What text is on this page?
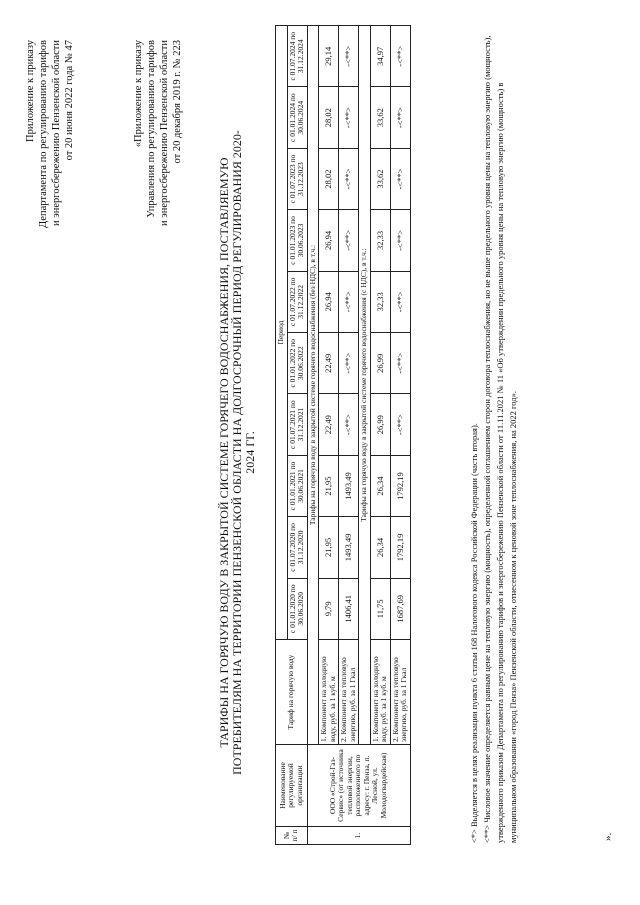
Приложение к приказу Департамента по регулированию тарифов и энергосбережению Пензенской области от 20 июня 2022 года № 47	«Приложение к приказу Управления по регулированию тарифов и энергосбережению Пензенской области от 20 декабря 2019 г. № 223
ТАРИФЫ НА ГОРЯЧУЮ ВОДУ В ЗАКРЫТОЙ СИСТЕМЕ ГОРЯЧЕГО ВОДОСНАБЖЕНИЯ, ПОСТАВЛЯЕМУЮ ПОТРЕБИТЕЛЯМ НА ТЕРРИТОРИИ ПЕНЗЕНСКОЙ ОБЛАСТИ НА ДОЛГОСРОЧНЫЙ ПЕРИОД РЕГУЛИРОВАНИЯ 2020- 2024 ГГ.
№ п/ п	Наименование регулируемой организации	Тариф на горячую воду	Период									
			с 01.01.2020 по 30.06.2020	с 01.07.2020 по 31.12.2020	с 01.01.2021 по 30.06.2021	с 01.07.2021 по 31.12.2021	с 01.01.2022 по 30.06.2022	с 01.07.2022 по 31.12.2022	с 01.01.2023 по 30.06.2023	с 01.07.2023 по 31.12.2023	с 01.01.2024 по 30.06.2024	с 01.07.2024 по 31.12.2024
1.	ООО «Строй-Газ-Сервис» (от источника тепловой энергии, расположенного по адресу: г. Пенза, п. Лесной, ул. Молодогвардейская)	Тарифы на горячую воду в закрытой системе горячего водоснабжения (без НДС), в т.ч.:										
		1. Компонент на холодную воду, руб. за 1 куб. м	9,79	21,95	21,95	22,49	22,49	26,94	26,94	28,02	28,02	29,14
		2. Компонент на тепловую энергию, руб. за 1 Гкал	1406,41	1493,49	1493,49	-<**>	-<**>	-<**>	-<**>	-<**>	-<**>	-<**>
		Тарифы на горячую воду в закрытой системе горячего водоснабжения (с НДС), в т.ч.:										
		1. Компонент на холодную воду, руб. за 1 куб. м	11,75	26,34	26,34	26,99	26,99	32,33	32,33	33,62	33,62	34,97
		2. Компонент на тепловую энергию, руб. за 1 Гкал	1687,69	1792,19	1792,19	-<**>	-<**>	-<**>	-<**>	-<**>	-<**>	-<**>

<*> Выделяется в целях реализации пункта 6 статьи 168 Налогового кодекса Российской Федерации (часть вторая). <**> Числовое значение определяется равным цене на тепловую энергию (мощность), определенной соглашением сторон договора теплоснабжения, но не выше предельного уровня цены на тепловую энергию (мощность), утвержденного приказом Департамента по регулированию тарифов и энергосбережению Пензенской области от 11.11.2021 № 11 «Об утверждении предельного уровня цены на тепловую энергию (мощность) в муниципальном образовании «город Пенза» Пензенской области, отнесенном к ценовой зоне теплоснабжения, на 2022 год».	».
